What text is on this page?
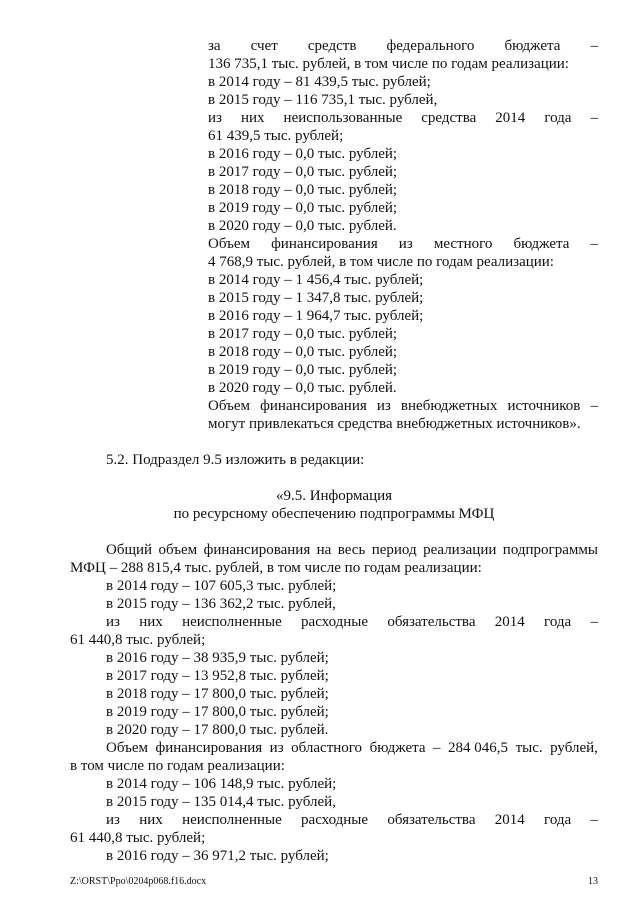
за счет средств федерального бюджета –
136 735,1 тыс. рублей, в том числе по годам реализации:
в 2014 году – 81 439,5 тыс. рублей;
в 2015 году – 116 735,1 тыс. рублей,
из них неиспользованные средства 2014 года –
61 439,5 тыс. рублей;
в 2016 году – 0,0 тыс. рублей;
в 2017 году – 0,0 тыс. рублей;
в 2018 году – 0,0 тыс. рублей;
в 2019 году – 0,0 тыс. рублей;
в 2020 году – 0,0 тыс. рублей.
Объем финансирования из местного бюджета –
4 768,9 тыс. рублей, в том числе по годам реализации:
в 2014 году – 1 456,4 тыс. рублей;
в 2015 году – 1 347,8 тыс. рублей;
в 2016 году – 1 964,7 тыс. рублей;
в 2017 году – 0,0 тыс. рублей;
в 2018 году – 0,0 тыс. рублей;
в 2019 году – 0,0 тыс. рублей;
в 2020 году – 0,0 тыс. рублей.
Объем финансирования из внебюджетных источников –
могут привлекаться средства внебюджетных источников».
5.2. Подраздел 9.5 изложить в редакции:
«9.5. Информация
по ресурсному обеспечению подпрограммы МФЦ
Общий объем финансирования на весь период реализации подпрограммы
МФЦ – 288 815,4 тыс. рублей, в том числе по годам реализации:
в 2014 году – 107 605,3 тыс. рублей;
в 2015 году – 136 362,2 тыс. рублей,
из них неисполненные расходные обязательства 2014 года –
61 440,8 тыс. рублей;
в 2016 году – 38 935,9 тыс. рублей;
в 2017 году – 13 952,8 тыс. рублей;
в 2018 году – 17 800,0 тыс. рублей;
в 2019 году – 17 800,0 тыс. рублей;
в 2020 году – 17 800,0 тыс. рублей.
Объем финансирования из областного бюджета – 284 046,5 тыс. рублей,
в том числе по годам реализации:
в 2014 году – 106 148,9 тыс. рублей;
в 2015 году – 135 014,4 тыс. рублей,
из них неисполненные расходные обязательства 2014 года –
61 440,8 тыс. рублей;
в 2016 году – 36 971,2 тыс. рублей;
Z:\ORST\Ppo\0204p068.f16.docx	13
